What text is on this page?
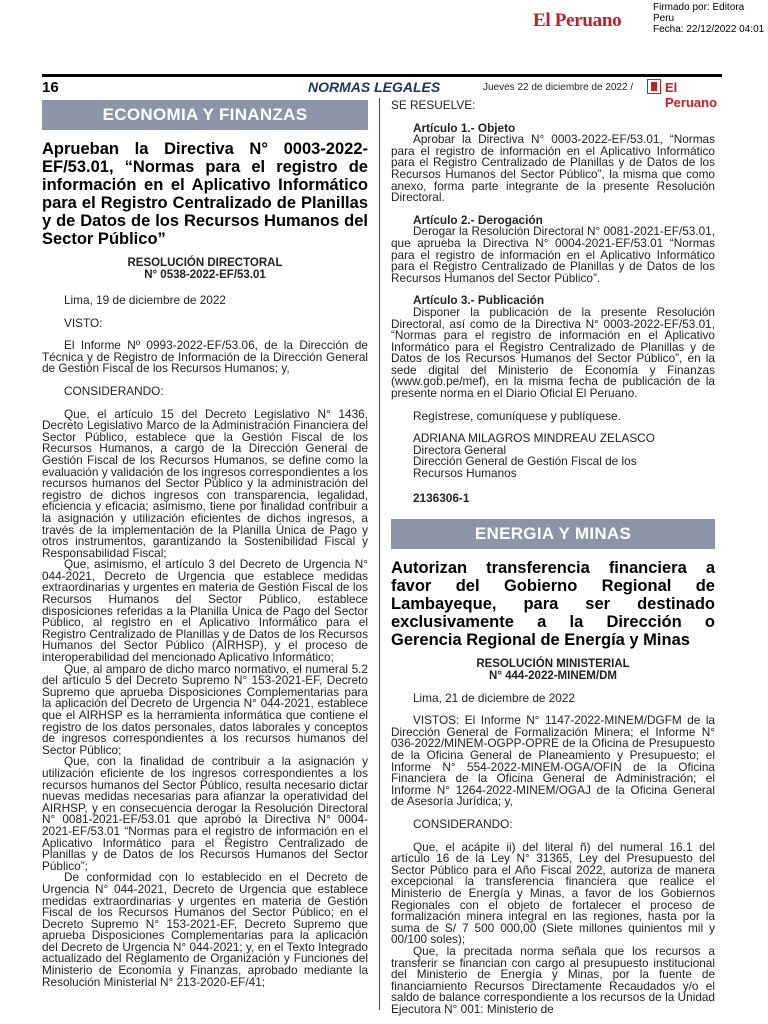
El Peruano
Firmado por: Editora
Peru
Fecha: 22/12/2022 04:01
16	NORMAS LEGALES	Jueves 22 de diciembre de 2022 / El Peruano
ECONOMIA Y FINANZAS
Aprueban la Directiva N° 0003-2022-EF/53.01, “Normas para el registro de información en el Aplicativo Informático para el Registro Centralizado de Planillas y de Datos de los Recursos Humanos del Sector Público”
RESOLUCIÓN DIRECTORAL
N° 0538-2022-EF/53.01

Lima, 19 de diciembre de 2022

VISTO:

El Informe Nº 0993-2022-EF/53.06, de la Dirección de Técnica y de Registro de Información de la Dirección General de Gestión Fiscal de los Recursos Humanos; y,

CONSIDERANDO:

Que, el artículo 15 del Decreto Legislativo N° 1436, Decreto Legislativo Marco de la Administración Financiera del Sector Público, establece que la Gestión Fiscal de los Recursos Humanos, a cargo de la Dirección General de Gestión Fiscal de los Recursos Humanos, se define como la evaluación y validación de los ingresos correspondientes a los recursos humanos del Sector Público y la administración del registro de dichos ingresos con transparencia, legalidad, eficiencia y eficacia; asimismo, tiene por finalidad contribuir a la asignación y utilización eficientes de dichos ingresos, a través de la implementación de la Planilla Única de Pago y otros instrumentos, garantizando la Sostenibilidad Fiscal y Responsabilidad Fiscal;

Que, asimismo, el artículo 3 del Decreto de Urgencia N° 044-2021, Decreto de Urgencia que establece medidas extraordinarias y urgentes en materia de Gestión Fiscal de los Recursos Humanos del Sector Público, establece disposiciones referidas a la Planilla Única de Pago del Sector Público, al registro en el Aplicativo Informático para el Registro Centralizado de Planillas y de Datos de los Recursos Humanos del Sector Público (AIRHSP), y el proceso de interoperabilidad del mencionado Aplicativo Informático;

Que, al amparo de dicho marco normativo, el numeral 5.2 del artículo 5 del Decreto Supremo N° 153-2021-EF, Decreto Supremo que aprueba Disposiciones Complementarias para la aplicación del Decreto de Urgencia N° 044-2021, establece que el AIRHSP es la herramienta informática que contiene el registro de los datos personales, datos laborales y conceptos de ingresos correspondientes a los recursos humanos del Sector Público;

Que, con la finalidad de contribuir a la asignación y utilización eficiente de los ingresos correspondientes a los recursos humanos del Sector Público, resulta necesario dictar nuevas medidas necesarias para afianzar la operatividad del AIRHSP, y en consecuencia derogar la Resolución Directoral N° 0081-2021-EF/53.01 que aprobó la Directiva N° 0004-2021-EF/53.01 “Normas para el registro de información en el Aplicativo Informático para el Registro Centralizado de Planillas y de Datos de los Recursos Humanos del Sector Público”;

De conformidad con lo establecido en el Decreto de Urgencia N° 044-2021, Decreto de Urgencia que establece medidas extraordinarias y urgentes en materia de Gestión Fiscal de los Recursos Humanos del Sector Público; en el Decreto Supremo N° 153-2021-EF, Decreto Supremo que aprueba Disposiciones Complementarias para la aplicación del Decreto de Urgencia N° 044-2021; y, en el Texto Integrado actualizado del Reglamento de Organización y Funciones del Ministerio de Economía y Finanzas, aprobado mediante la Resolución Ministerial N° 213-2020-EF/41;

SE RESUELVE:

Artículo 1.- Objeto

Aprobar la Directiva N° 0003-2022-EF/53.01, “Normas para el registro de información en el Aplicativo Informático para el Registro Centralizado de Planillas y de Datos de los Recursos Humanos del Sector Público”, la misma que como anexo, forma parte integrante de la presente Resolución Directoral.

Artículo 2.- Derogación

Derogar la Resolución Directoral N° 0081-2021-EF/53.01, que aprueba la Directiva N° 0004-2021-EF/53.01 “Normas para el registro de información en el Aplicativo Informático para el Registro Centralizado de Planillas y de Datos de los Recursos Humanos del Sector Público”.

Artículo 3.- Publicación

Disponer la publicación de la presente Resolución Directoral, así como de la Directiva N° 0003-2022-EF/53.01, “Normas para el registro de información en el Aplicativo Informático para el Registro Centralizado de Planillas y de Datos de los Recursos Humanos del Sector Público”, en la sede digital del Ministerio de Economía y Finanzas (www.gob.pe/mef), en la misma fecha de publicación de la presente norma en el Diario Oficial El Peruano.

Regístrese, comuníquese y publíquese.

ADRIANA MILAGROS MINDREAU ZELASCO
Directora General
Dirección General de Gestión Fiscal de los
Recursos Humanos
2136306-1
ENERGIA Y MINAS
Autorizan transferencia financiera a favor del Gobierno Regional de Lambayeque, para ser destinado exclusivamente a la Dirección o Gerencia Regional de Energía y Minas
RESOLUCIÓN MINISTERIAL
N° 444-2022-MINEM/DM

Lima, 21 de diciembre de 2022

VISTOS: El Informe N° 1147-2022-MINEM/DGFM de la Dirección General de Formalización Minera; el Informe N° 036-2022/MINEM-OGPP-OPRE de la Oficina de Presupuesto de la Oficina General de Planeamiento y Presupuesto; el Informe N° 554-2022-MINEM-OGA/OFIN de la Oficina Financiera de la Oficina General de Administración; el Informe N° 1264-2022-MINEM/OGAJ de la Oficina General de Asesoría Jurídica; y,

CONSIDERANDO:

Que, el acápite ii) del literal ñ) del numeral 16.1 del artículo 16 de la Ley N° 31365, Ley del Presupuesto del Sector Público para el Año Fiscal 2022, autoriza de manera excepcional la transferencia financiera que realice el Ministerio de Energía y Minas, a favor de los Gobiernos Regionales con el objeto de fortalecer el proceso de formalización minera integral en las regiones, hasta por la suma de S/ 7 500 000,00 (Siete millones quinientos mil y 00/100 soles);

Que, la precitada norma señala que los recursos a transferir se financian con cargo al presupuesto institucional del Ministerio de Energía y Minas, por la fuente de financiamiento Recursos Directamente Recaudados y/o el saldo de balance correspondiente a los recursos de la Unidad Ejecutora N° 001: Ministerio de
